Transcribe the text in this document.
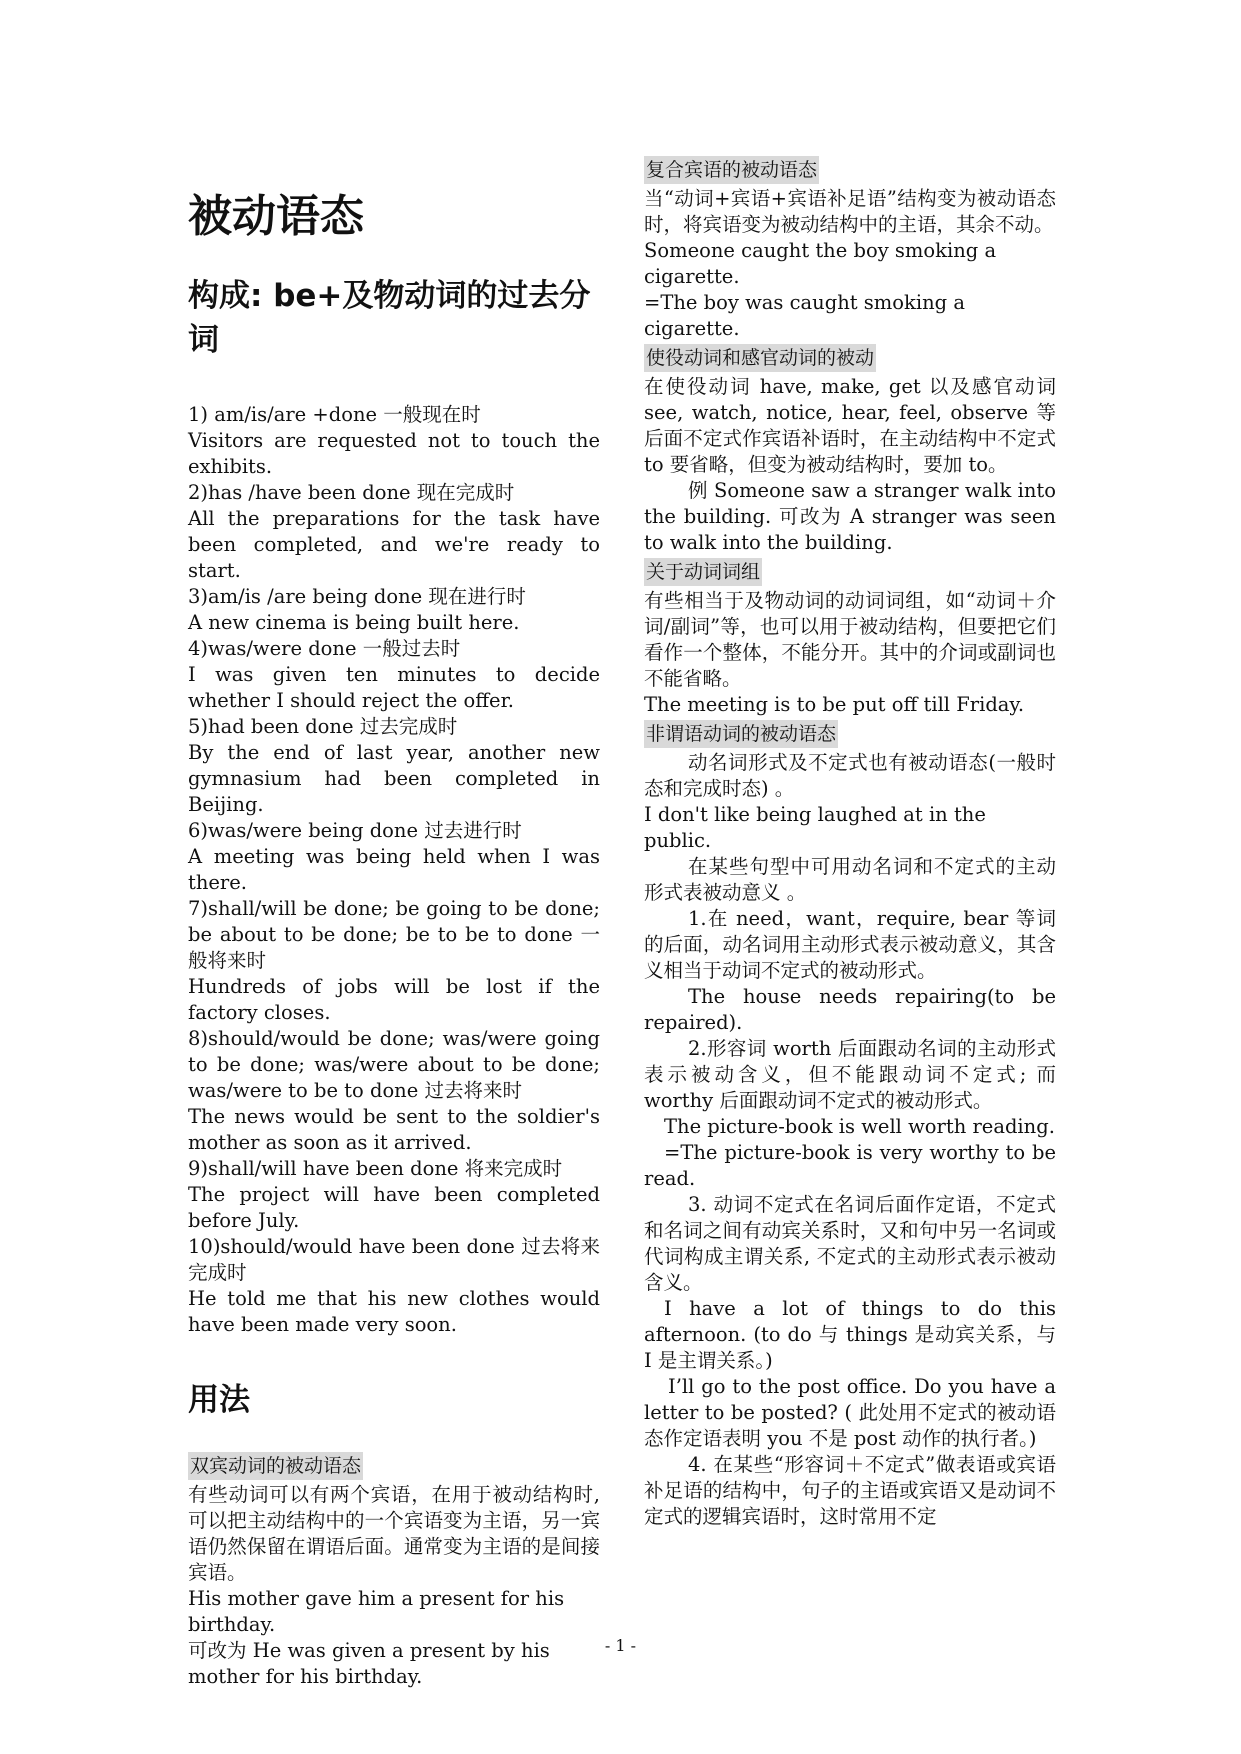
被动语态
构成: be+及物动词的过去分词

1) am/is/are +done 一般现在时

Visitors are requested not to touch the exhibits.

2)has /have been done 现在完成时

All the preparations for the task have been completed, and we're ready to start.

3)am/is /are being done 现在进行时

A new cinema is being built here.

4)was/were done 一般过去时

I was given ten minutes to decide whether I should reject the offer.

5)had been done 过去完成时

By the end of last year, another new gymnasium had been completed in Beijing.

6)was/were being done 过去进行时

A meeting was being held when I was there.

7)shall/will be done; be going to be done; be about to be done; be to be to done 一般将来时

Hundreds of jobs will be lost if the factory closes.

8)should/would be done; was/were going to be done; was/were about to be done; was/were to be to done 过去将来时

The news would be sent to the soldier's mother as soon as it arrived.

9)shall/will have been done 将来完成时

The project will have been completed before July.

10)should/would have been done 过去将来完成时

He told me that his new clothes would have been made very soon.

用法
双宾动词的被动语态

有些动词可以有两个宾语，在用于被动结构时,可以把主动结构中的一个宾语变为主语，另一宾语仍然保留在谓语后面。通常变为主语的是间接宾语。

His mother gave him a present for his birthday.

可改为 He was given a present by his mother for his birthday.

复合宾语的被动语态

当“动词+宾语+宾语补足语”结构变为被动语态时，将宾语变为被动结构中的主语，其余不动。

Someone caught the boy smoking a cigarette.

=The boy was caught smoking a cigarette.

使役动词和感官动词的被动

在使役动词 have, make, get 以及感官动词 see, watch, notice, hear, feel, observe 等后面不定式作宾语补语时，在主动结构中不定式 to 要省略，但变为被动结构时，要加 to。

例 Someone saw a stranger walk into the building. 可改为 A stranger was seen to walk into the building.

关于动词词组

有些相当于及物动词的动词词组，如“动词＋介词/副词”等，也可以用于被动结构，但要把它们看作一个整体，不能分开。其中的介词或副词也不能省略。

The meeting is to be put off till Friday.

非谓语动词的被动语态

动名词形式及不定式也有被动语态(一般时态和完成时态) 。

I don't like being laughed at in the public.

在某些句型中可用动名词和不定式的主动形式表被动意义 。

1.在 need，want，require, bear 等词的后面，动名词用主动形式表示被动意义，其含义相当于动词不定式的被动形式。

The house needs repairing(to be repaired).

2.形容词 worth 后面跟动名词的主动形式表示被动含义，但不能跟动词不定式; 而 worthy 后面跟动词不定式的被动形式。

The picture-book is well worth reading.

=The picture-book is very worthy to be read.

3. 动词不定式在名词后面作定语，不定式和名词之间有动宾关系时，又和句中另一名词或代词构成主谓关系, 不定式的主动形式表示被动含义。

I have a lot of things to do this afternoon. (to do 与 things 是动宾关系，与 I 是主谓关系。)

I’ll go to the post office. Do you have a letter to be posted? ( 此处用不定式的被动语态作定语表明 you 不是 post 动作的执行者。)

4. 在某些“形容词＋不定式”做表语或宾语补足语的结构中，句子的主语或宾语又是动词不定式的逻辑宾语时，这时常用不定

- 1 -
